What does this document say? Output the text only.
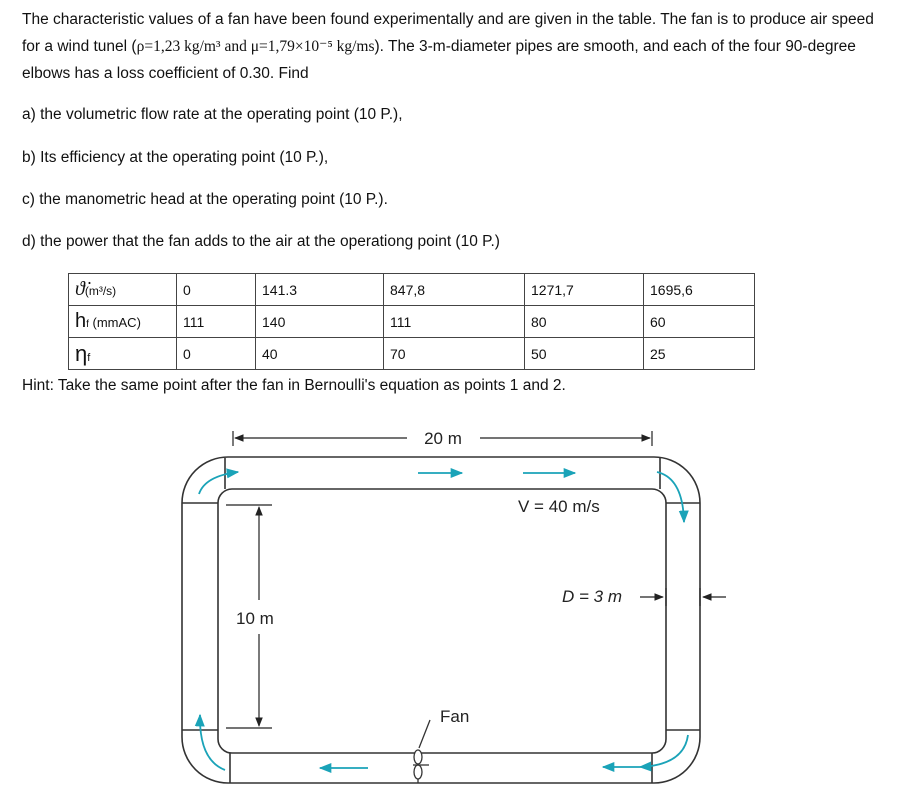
The characteristic values of a fan have been found experimentally and are given in the table. The fan is to produce air speed for a wind tunel (ρ=1,23 kg/m³ and μ=1,79×10⁻⁵ kg/ms). The 3-m-diameter pipes are smooth, and each of the four 90-degree elbows has a loss coefficient of 0.30. Find
a) the volumetric flow rate at the operating point (10 P.),
b) Its efficiency at the operating point (10 P.),
c) the manometric head at the operating point (10 P.).
d) the power that the fan adds to the air at the operationg point (10 P.)
ϑ̇(m³/s)	0	141.3	847,8	1271,7	1695,6
hf (mmAC)	111	140	111	80	60
ηf	0	40	70	50	25
Hint: Take the same point after the fan in Bernoulli's equation as points 1 and 2.
20 m
10 m
V = 40 m/s
D = 3 m
Fan
